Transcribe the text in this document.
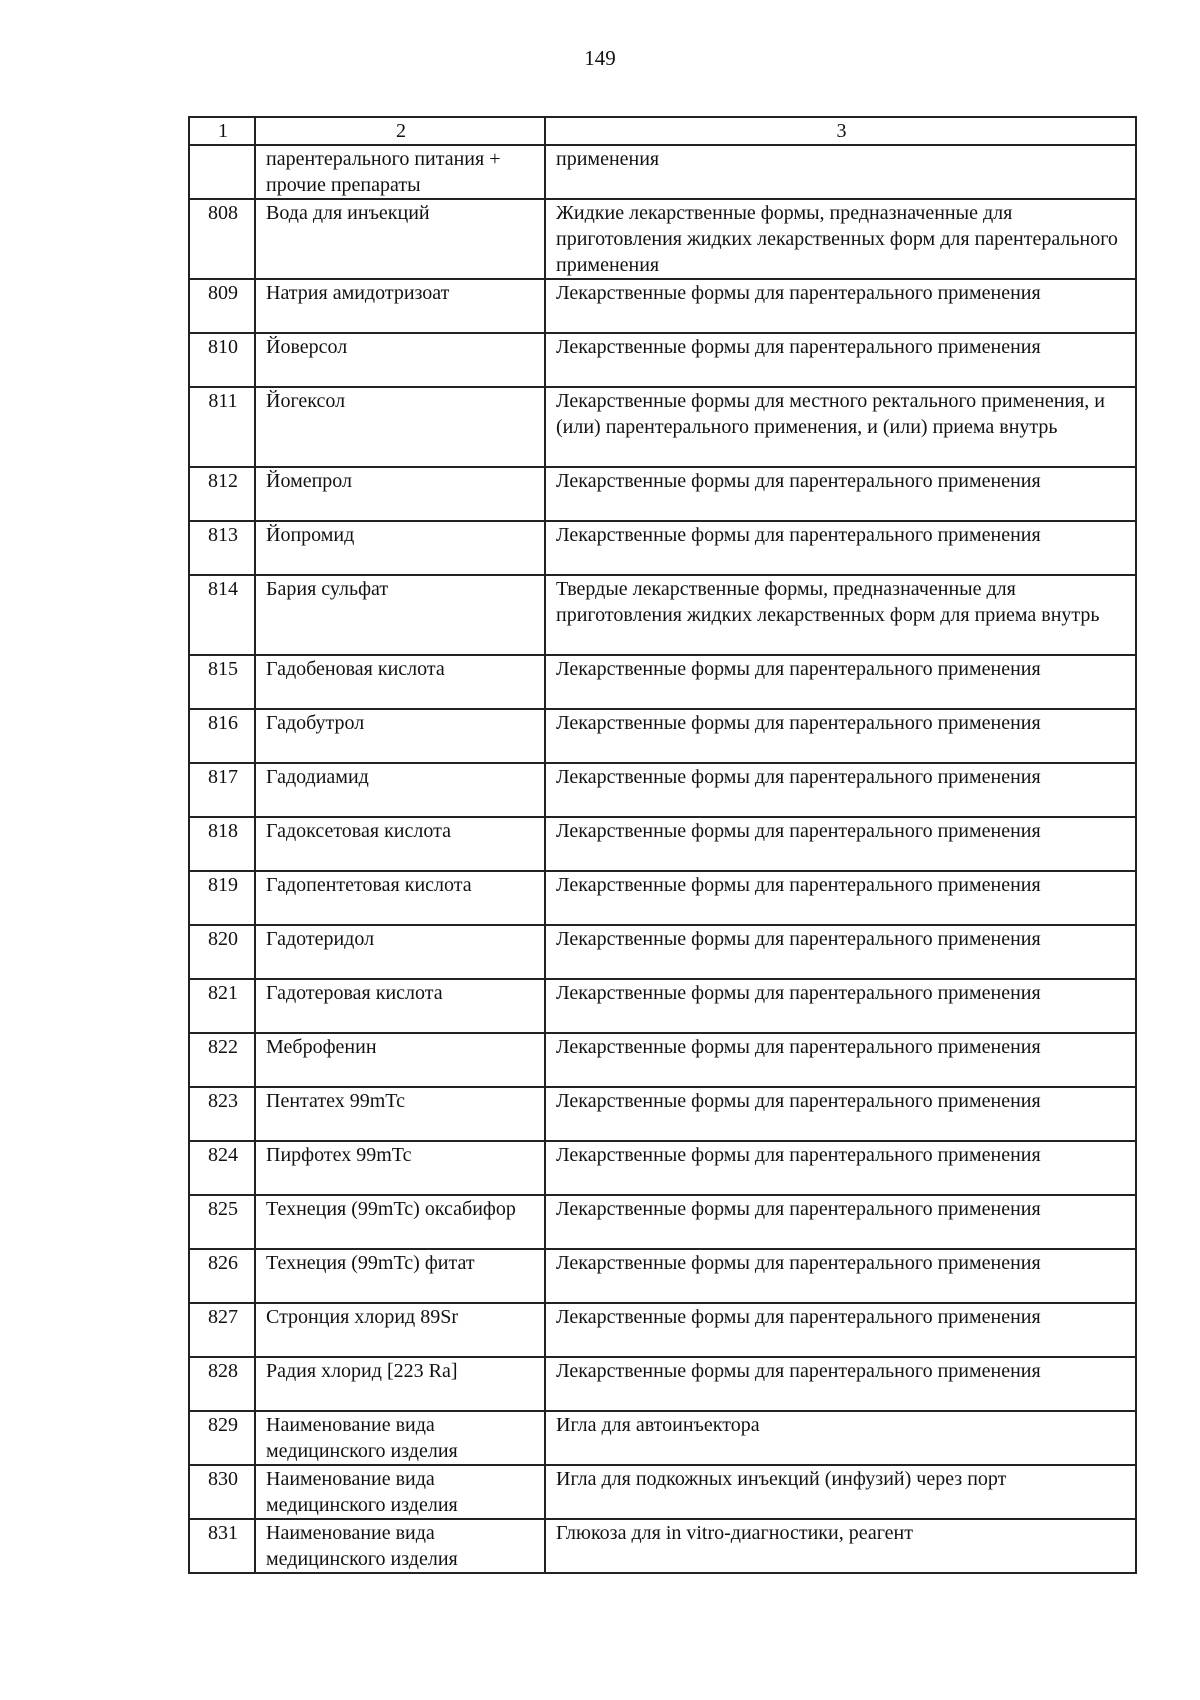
149
1	2	3
	парентерального питания + прочие препараты	применения
808	Вода для инъекций	Жидкие лекарственные формы, предназначенные для приготовления жидких лекарственных форм для парентерального применения
809	Натрия амидотризоат	Лекарственные формы для парентерального применения
810	Йоверсол	Лекарственные формы для парентерального применения
811	Йогексол	Лекарственные формы для местного ректального применения, и (или) парентерального применения, и (или) приема внутрь
812	Йомепрол	Лекарственные формы для парентерального применения
813	Йопромид	Лекарственные формы для парентерального применения
814	Бария сульфат	Твердые лекарственные формы, предназначенные для приготовления жидких лекарственных форм для приема внутрь
815	Гадобеновая кислота	Лекарственные формы для парентерального применения
816	Гадобутрол	Лекарственные формы для парентерального применения
817	Гадодиамид	Лекарственные формы для парентерального применения
818	Гадоксетовая кислота	Лекарственные формы для парентерального применения
819	Гадопентетовая кислота	Лекарственные формы для парентерального применения
820	Гадотеридол	Лекарственные формы для парентерального применения
821	Гадотеровая кислота	Лекарственные формы для парентерального применения
822	Меброфенин	Лекарственные формы для парентерального применения
823	Пентатех 99mTc	Лекарственные формы для парентерального применения
824	Пирфотех 99mTc	Лекарственные формы для парентерального применения
825	Технеция (99mTc) оксабифор	Лекарственные формы для парентерального применения
826	Технеция (99mTc) фитат	Лекарственные формы для парентерального применения
827	Стронция хлорид 89Sr	Лекарственные формы для парентерального применения
828	Радия хлорид [223 Ra]	Лекарственные формы для парентерального применения
829	Наименование вида медицинского изделия	Игла для автоинъектора
830	Наименование вида медицинского изделия	Игла для подкожных инъекций (инфузий) через порт
831	Наименование вида медицинского изделия	Глюкоза для in vitro-диагностики, реагент
